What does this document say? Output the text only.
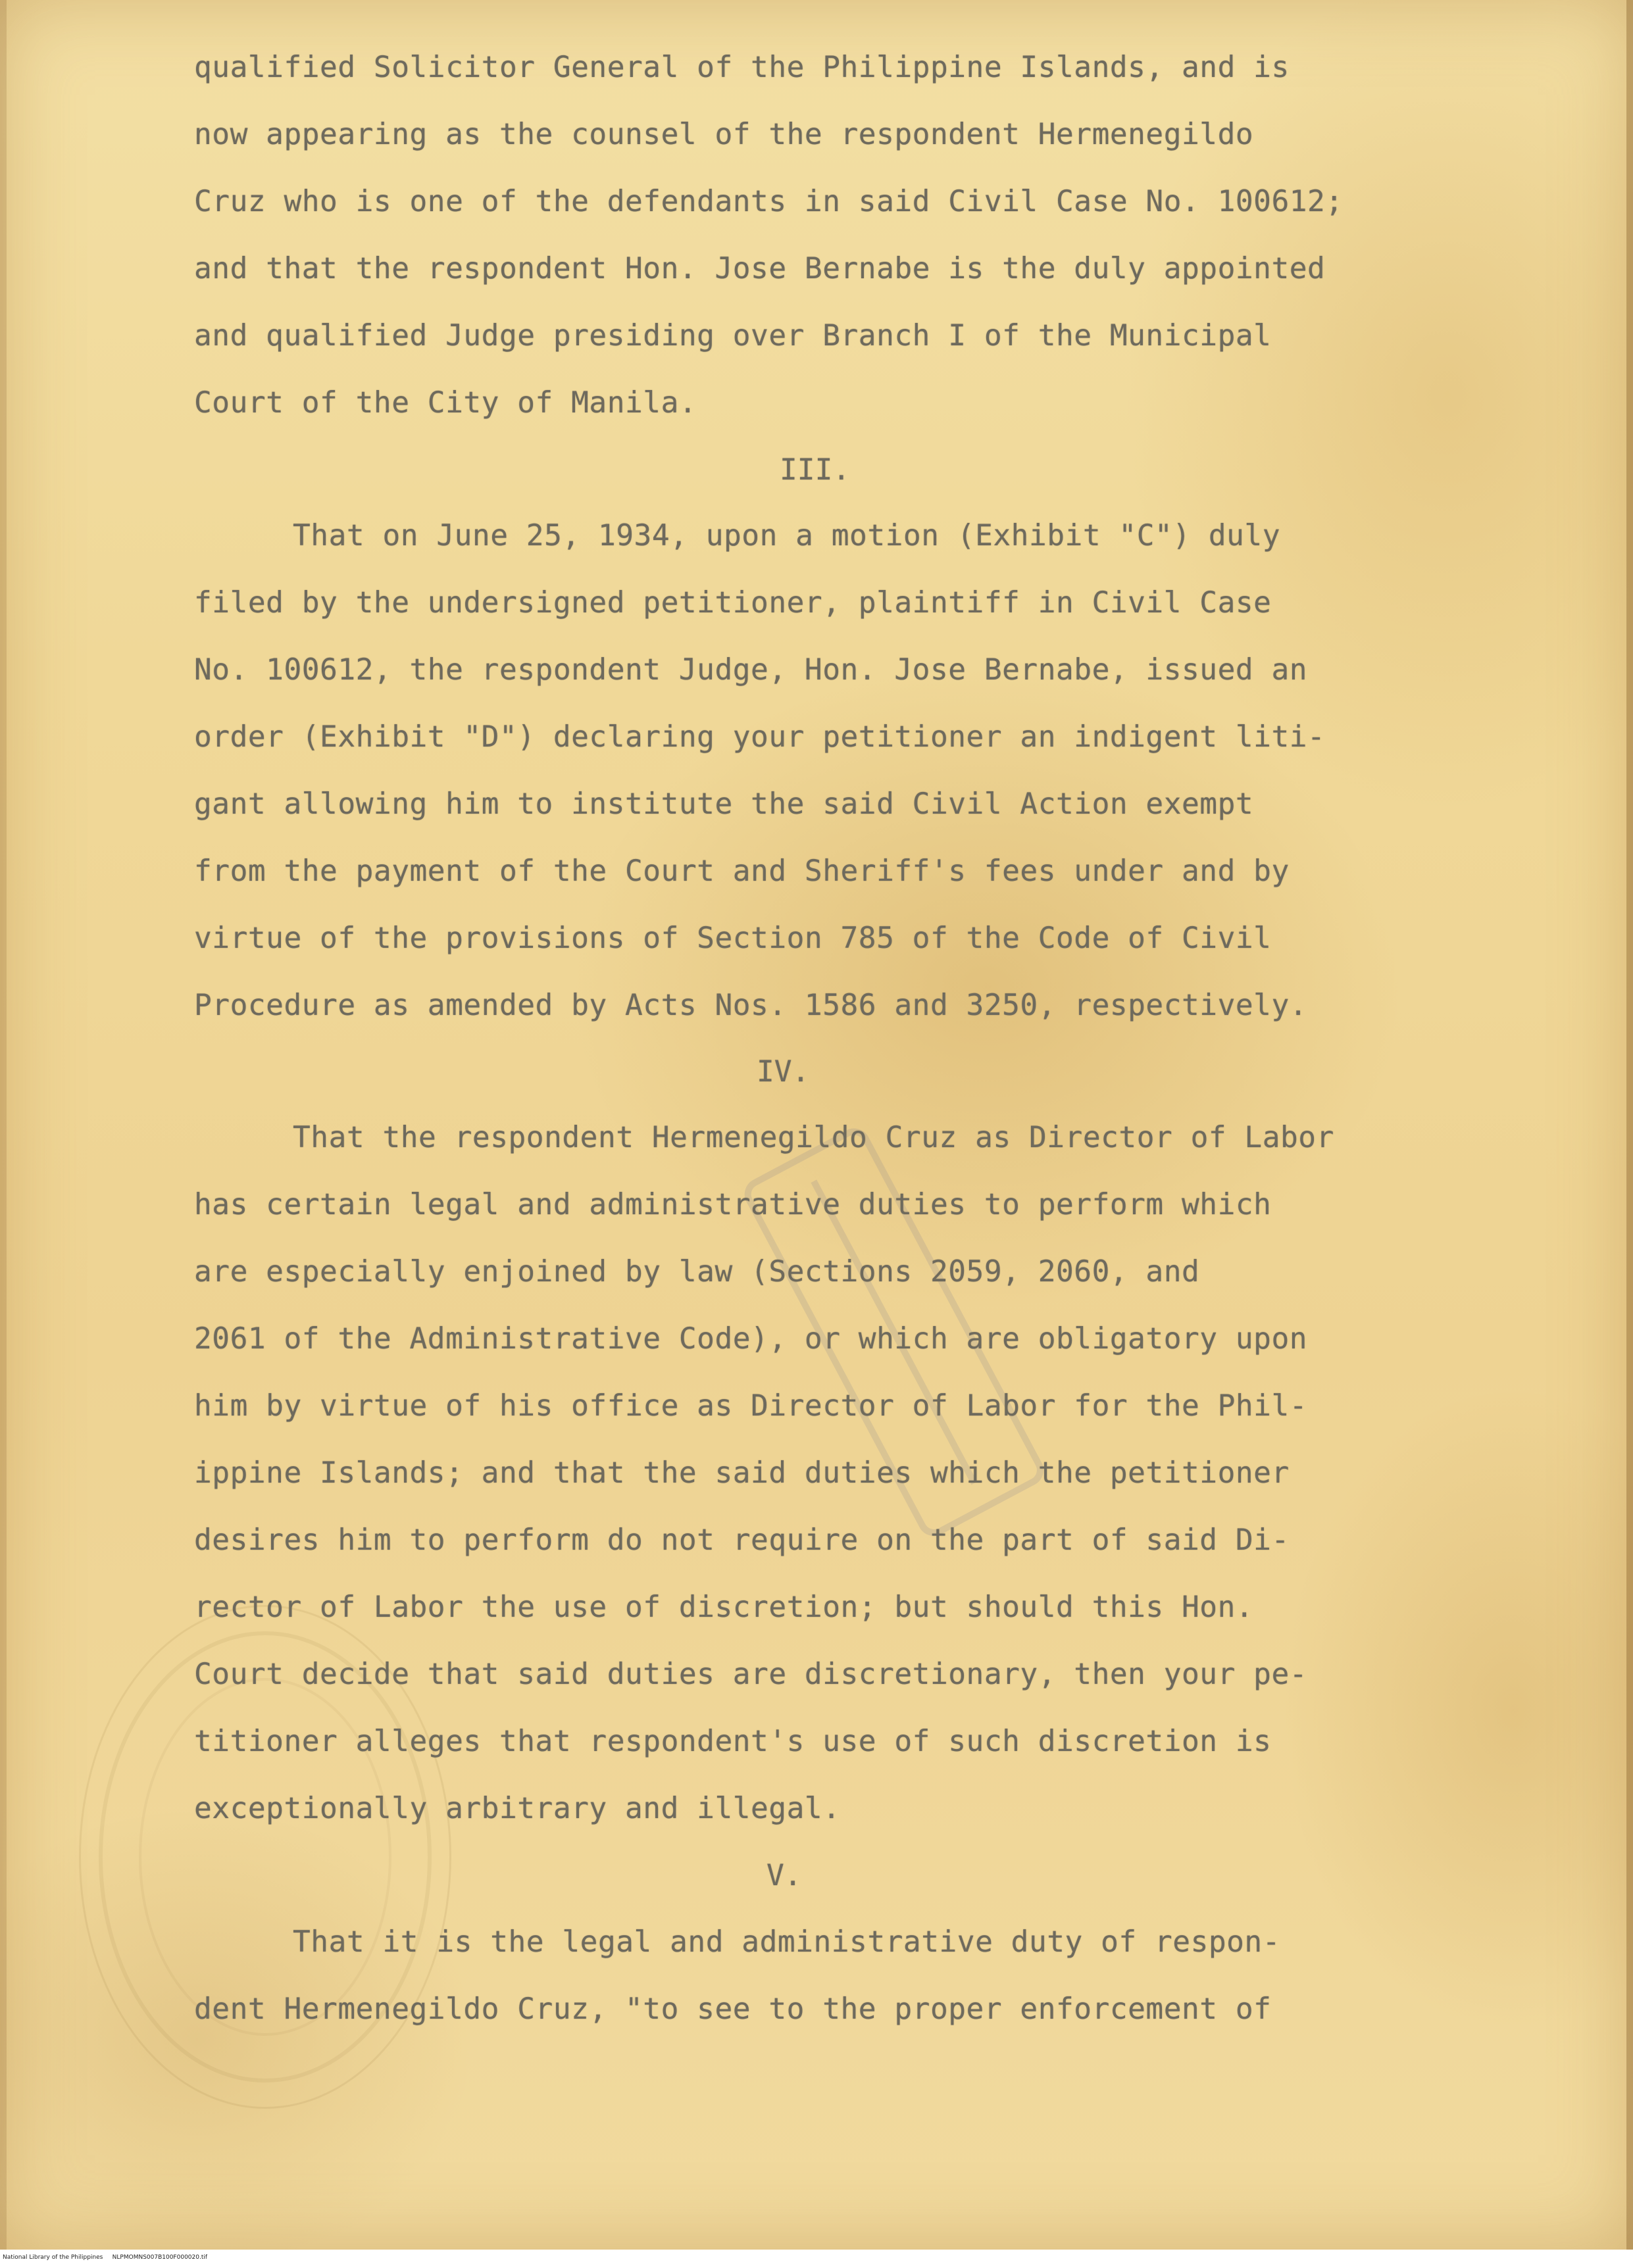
qualified Solicitor General of the Philippine Islands, and is

now appearing as the counsel of the respondent Hermenegildo

Cruz who is one of the defendants in said Civil Case No. 100612;

and that the respondent Hon. Jose Bernabe is the duly appointed

and qualified Judge presiding over Branch I of the Municipal

Court of the City of Manila.

III.

That on June 25, 1934, upon a motion (Exhibit "C") duly

filed by the undersigned petitioner, plaintiff in Civil Case

No. 100612, the respondent Judge, Hon. Jose Bernabe, issued an

order (Exhibit "D") declaring your petitioner an indigent liti-

gant allowing him to institute the said Civil Action exempt

from the payment of the Court and Sheriff's fees under and by

virtue of the provisions of Section 785 of the Code of Civil

Procedure as amended by Acts Nos. 1586 and 3250, respectively.

IV.

That the respondent Hermenegildo Cruz as Director of Labor

has certain legal and administrative duties to perform which

are especially enjoined by law (Sections 2059, 2060, and

2061 of the Administrative Code), or which are obligatory upon

him by virtue of his office as Director of Labor for the Phil-

ippine Islands; and that the said duties which the petitioner

desires him to perform do not require on the part of said Di-

rector of Labor the use of discretion; but should this Hon.

Court decide that said duties are discretionary, then your pe-

titioner alleges that respondent's use of such discretion is

exceptionally arbitrary and illegal.

V.

That it is the legal and administrative duty of respon-

dent Hermenegildo Cruz, "to see to the proper enforcement of

National Library of the Philippines NLPMOMNS007B100F000020.tif
